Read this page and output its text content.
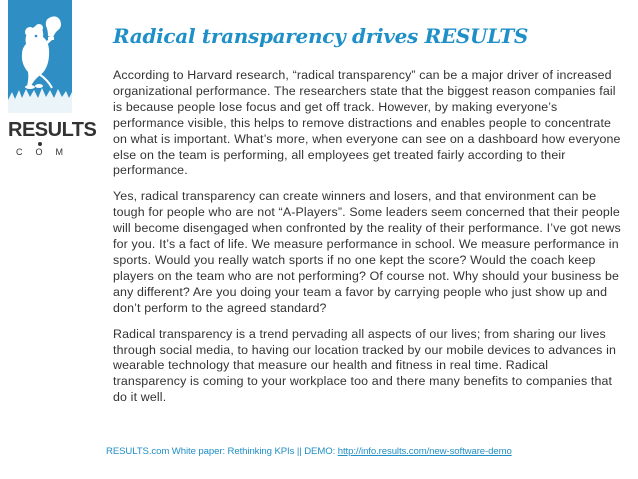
RESULTS
COM
Radical transparency drives RESULTS

According to Harvard research, “radical transparency” can be a major driver of increased organizational performance. The researchers state that the biggest reason companies fail is because people lose focus and get off track. However, by making everyone’s performance visible, this helps to remove distractions and enables people to concentrate on what is important. What’s more, when everyone can see on a dashboard how everyone else on the team is performing, all employees get treated fairly according to their performance.

Yes, radical transparency can create winners and losers, and that environment can be tough for people who are not “A-Players”. Some leaders seem concerned that their people will become disengaged when confronted by the reality of their performance. I’ve got news for you. It’s a fact of life. We measure performance in school. We measure performance in sports. Would you really watch sports if no one kept the score? Would the coach keep players on the team who are not performing? Of course not. Why should your business be any different? Are you doing your team a favor by carrying people who just show up and don’t perform to the agreed standard?

Radical transparency is a trend pervading all aspects of our lives; from sharing our lives through social media, to having our location tracked by our mobile devices to advances in wearable technology that measure our health and fitness in real time. Radical transparency is coming to your workplace too and there many benefits to companies that do it well.

RESULTS.com White paper: Rethinking KPIs || DEMO: http://info.results.com/new-software-demo
